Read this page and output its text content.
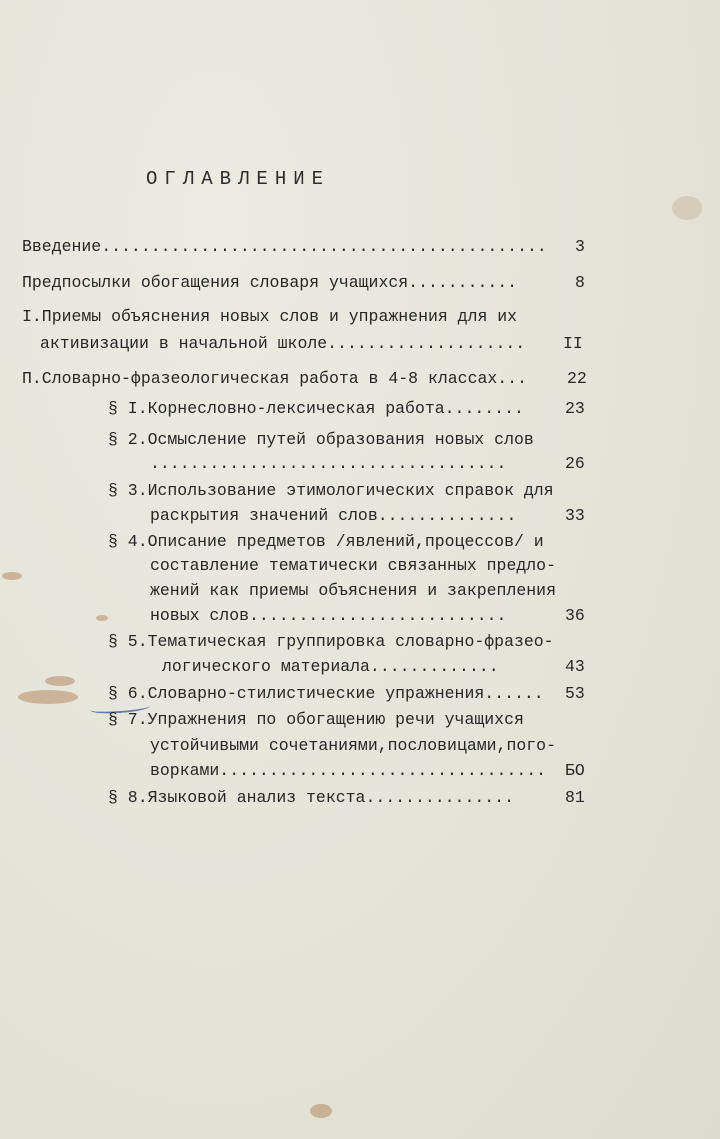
ОГЛАВЛЕНИЕ
Введение............................................. 3
Предпосылки обогащения словаря учащихся...........	8
I.Приемы объяснения новых слов и упражнения для их
активизации в начальной школе.................... II
П.Словарно-фразеологическая работа в 4-8 классах... 22
§ I.Корнесловно-лексическая работа........ 23
§ 2.Осмысление путей образования новых слов
....................................	26
§ 3.Использование этимологических справок для
раскрытия значений слов..............	33
§ 4.Описание предметов /явлений,процессов/ и
составление тематически связанных предло-
жений как приемы объяснения и закрепления
новых слов..........................	36
§ 5.Тематическая группировка словарно-фразео-
логического материала.............	43
§ 6.Словарно-стилистические упражнения...... 53
§ 7.Упражнения по обогащению речи учащихся
устойчивыми сочетаниями,пословицами,пого-
ворками................................. БО
§ 8.Языковой анализ текста...............	81
